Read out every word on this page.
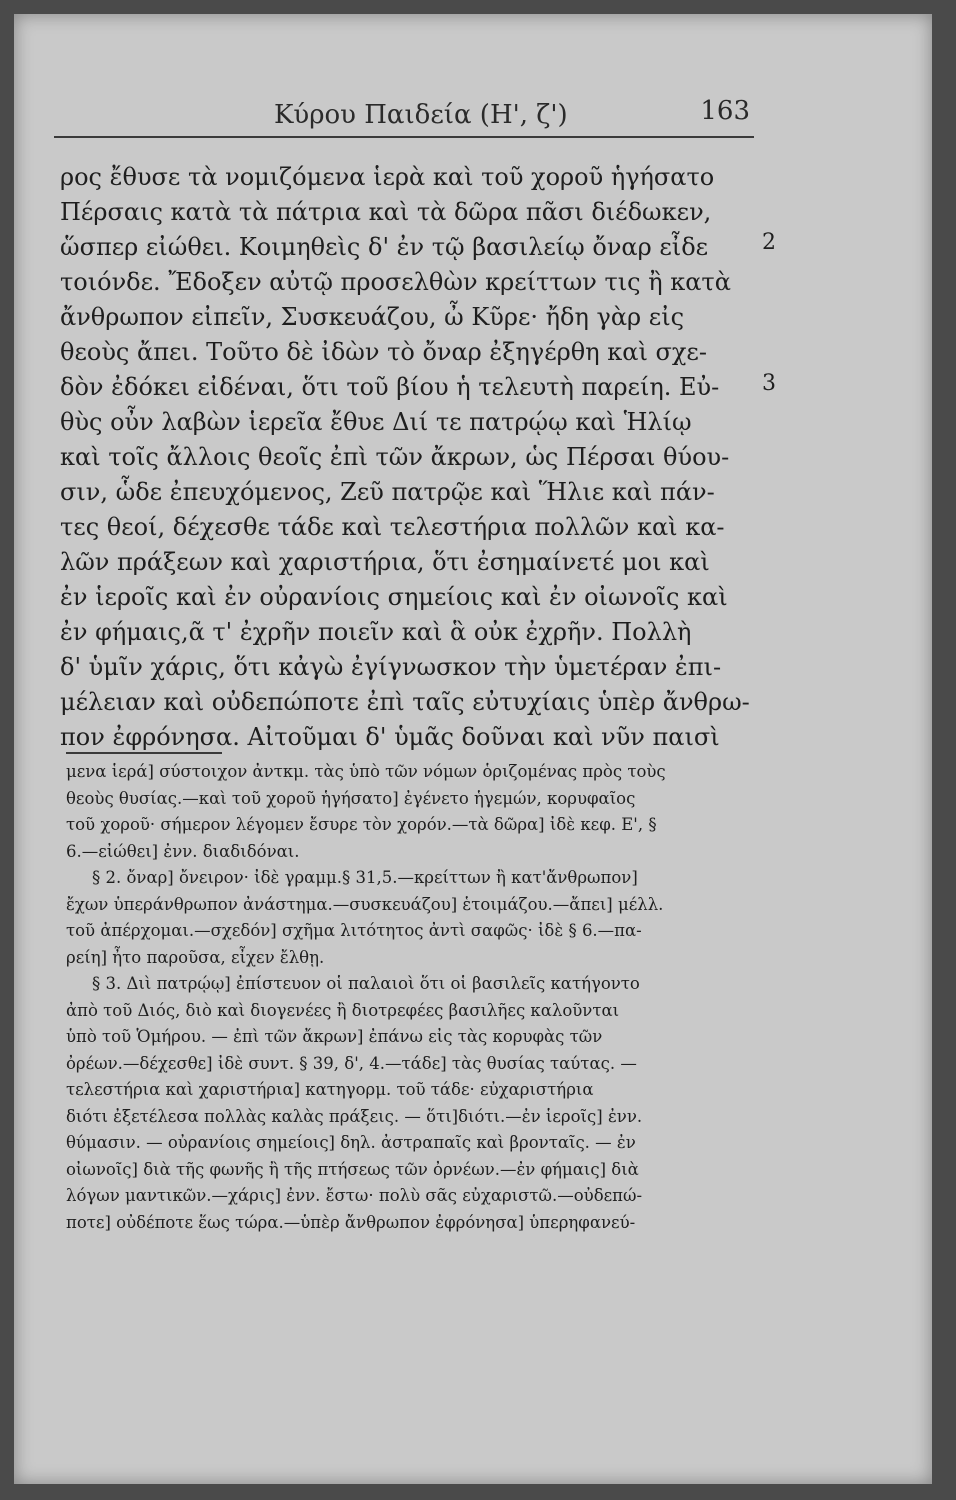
Κύρου Παιδεία (Η', ζ')	163
ρος ἔθυσε τὰ νομιζόμενα ἱερὰ καὶ τοῦ χοροῦ ἡγήσατο
Πέρσαις κατὰ τὰ πάτρια καὶ τὰ δῶρα πᾶσι διέδωκεν,
ὥσπερ εἰώθει. Κοιμηθεὶς δ' ἐν τῷ βασιλείῳ ὄναρ εἶδε
τοιόνδε. Ἔδοξεν αὐτῷ προσελθὼν κρείττων τις ἢ κατὰ
ἄνθρωπον εἰπεῖν, Συσκευάζου, ὦ Κῦρε· ἤδη γὰρ εἰς
θεοὺς ἄπει. Τοῦτο δὲ ἰδὼν τὸ ὄναρ ἐξηγέρθη καὶ σχε-
δὸν ἐδόκει εἰδέναι, ὅτι τοῦ βίου ἡ τελευτὴ παρείη. Εὐ-
θὺς οὖν λαβὼν ἱερεῖα ἔθυε Διί τε πατρῴῳ καὶ Ἡλίῳ
καὶ τοῖς ἄλλοις θεοῖς ἐπὶ τῶν ἄκρων, ὡς Πέρσαι θύου-
σιν, ὧδε ἐπευχόμενος, Ζεῦ πατρῷε καὶ Ἥλιε καὶ πάν-
τες θεοί, δέχεσθε τάδε καὶ τελεστήρια πολλῶν καὶ κα-
λῶν πράξεων καὶ χαριστήρια, ὅτι ἐσημαίνετέ μοι καὶ
ἐν ἱεροῖς καὶ ἐν οὐρανίοις σημείοις καὶ ἐν οἰωνοῖς καὶ
ἐν φήμαις,ᾶ τ' ἐχρῆν ποιεῖν καὶ ἃ οὐκ ἐχρῆν. Πολλὴ
δ' ὑμῖν χάρις, ὅτι κἀγὼ ἐγίγνωσκον τὴν ὑμετέραν ἐπι-
μέλειαν καὶ οὐδεπώποτε ἐπὶ ταῖς εὐτυχίαις ὑπὲρ ἄνθρω-
πον ἐφρόνησα. Αἰτοῦμαι δ' ὑμᾶς δοῦναι καὶ νῦν παισὶ
2
3
μενα ἱερά] σύστοιχον ἀντκμ. τὰς ὑπὸ τῶν νόμων ὁριζομένας πρὸς τοὺς
θεοὺς θυσίας.—καὶ τοῦ χοροῦ ἡγήσατο] ἐγένετο ἡγεμών, κορυφαῖος
τοῦ χοροῦ· σήμερον λέγομεν ἔσυρε τὸν χορόν.—τὰ δῶρα] ἰδὲ κεφ. Ε', §
6.—εἰώθει] ἐνν. διαδιδόναι.
§ 2. ὄναρ] ὄνειρον· ἰδὲ γραμμ.§ 31,5.—κρείττων ἢ κατ'ἄνθρωπον]
ἔχων ὑπεράνθρωπον ἀνάστημα.—συσκευάζου] ἑτοιμάζου.—ἄπει] μέλλ.
τοῦ ἀπέρχομαι.—σχεδόν] σχῆμα λιτότητος ἀντὶ σαφῶς· ἰδὲ § 6.—πα-
ρείη] ἦτο παροῦσα, εἶχεν ἔλθῃ.
§ 3. Διὶ πατρῴῳ] ἐπίστευον οἱ παλαιοὶ ὅτι οἱ βασιλεῖς κατήγοντο
ἀπὸ τοῦ Διός, διὸ καὶ διογενέες ἢ διοτρεφέες βασιλῆες καλοῦνται
ὑπὸ τοῦ Ὁμήρου. — ἐπὶ τῶν ἄκρων] ἐπάνω εἰς τὰς κορυφὰς τῶν
ὀρέων.—δέχεσθε] ἰδὲ συντ. § 39, δ', 4.—τάδε] τὰς θυσίας ταύτας. —
τελεστήρια καὶ χαριστήρια] κατηγορμ. τοῦ τάδε· εὐχαριστήρια
διότι ἐξετέλεσα πολλὰς καλὰς πράξεις. — ὅτι]διότι.—ἐν ἱεροῖς] ἐνν.
θύμασιν. — οὐρανίοις σημείοις] δηλ. ἀστραπαῖς καὶ βρονταῖς. — ἐν
οἰωνοῖς] διὰ τῆς φωνῆς ἢ τῆς πτήσεως τῶν ὀρνέων.—ἐν φήμαις] διὰ
λόγων μαντικῶν.—χάρις] ἐνν. ἔστω· πολὺ σᾶς εὐχαριστῶ.—οὐδεπώ-
ποτε] οὐδέποτε ἕως τώρα.—ὑπὲρ ἄνθρωπον ἐφρόνησα] ὑπερηφανεύ-
